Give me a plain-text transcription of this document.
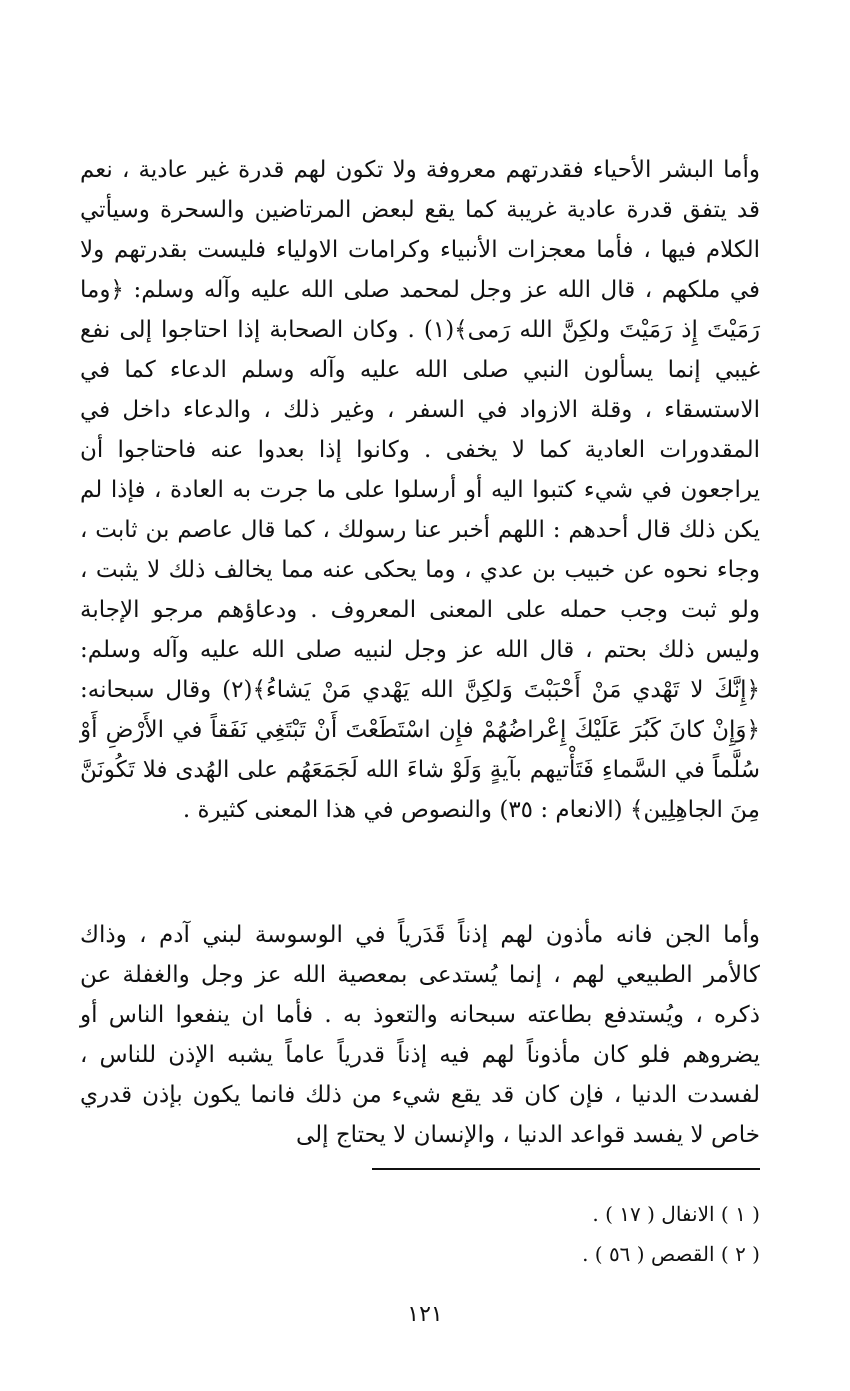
وأما البشر الأحياء فقدرتهم معروفة ولا تكون لهم قدرة غير عادية ، نعم قد يتفق قدرة عادية غريبة كما يقع لبعض المرتاضين والسحرة وسيأتي الكلام فيها ، فأما معجزات الأنبياء وكرامات الاولياء فليست بقدرتهم ولا في ملكهم ، قال الله عز وجل لمحمد صلى الله عليه وآله وسلم: ﴿وما رَمَيْتَ إِذ رَمَيْتَ ولكِنَّ الله رَمى﴾(١) . وكان الصحابة إذا احتاجوا إلى نفع غيبي إنما يسألون النبي صلى الله عليه وآله وسلم الدعاء كما في الاستسقاء ، وقلة الازواد في السفر ، وغير ذلك ، والدعاء داخل في المقدورات العادية كما لا يخفى . وكانوا إذا بعدوا عنه فاحتاجوا أن يراجعون في شيء كتبوا اليه أو أرسلوا على ما جرت به العادة ، فإذا لم يكن ذلك قال أحدهم : اللهم أخبر عنا رسولك ، كما قال عاصم بن ثابت ، وجاء نحوه عن خبيب بن عدي ، وما يحكى عنه مما يخالف ذلك لا يثبت ، ولو ثبت وجب حمله على المعنى المعروف . ودعاؤهم مرجو الإجابة وليس ذلك بحتم ، قال الله عز وجل لنبيه صلى الله عليه وآله وسلم: ﴿إِنَّكَ لا تَهْدي مَنْ أَحْبَبْتَ وَلكِنَّ الله يَهْدي مَنْ يَشاءُ﴾(٢) وقال سبحانه: ﴿وَإِنْ كانَ كَبُرَ عَلَيْكَ إِعْراضُهُمْ فإِن اسْتَطَعْتَ أَنْ تَبْتَغِي نَفَقاً في الأَرْضِ أَوْ سُلَّماً في السَّماءِ فَتَأْتيهم بآيةٍ وَلَوْ شاءَ الله لَجَمَعَهُم على الهُدى فلا تَكُونَنَّ مِنَ الجاهِلِين﴾ (الانعام : ٣٥) والنصوص في هذا المعنى كثيرة .

وأما الجن فانه مأذون لهم إذناً قَدَرياً في الوسوسة لبني آدم ، وذاك كالأمر الطبيعي لهم ، إنما يُستدعى بمعصية الله عز وجل والغفلة عن ذكره ، ويُستدفع بطاعته سبحانه والتعوذ به . فأما ان ينفعوا الناس أو يضروهم فلو كان مأذوناً لهم فيه إذناً قدرياً عاماً يشبه الإذن للناس ، لفسدت الدنيا ، فإن كان قد يقع شيء من ذلك فانما يكون بإذن قدري خاص لا يفسد قواعد الدنيا ، والإنسان لا يحتاج إلى

( ١ ) الانفال ( ١٧ ) .
( ٢ ) القصص ( ٥٦ ) .
١٢١
